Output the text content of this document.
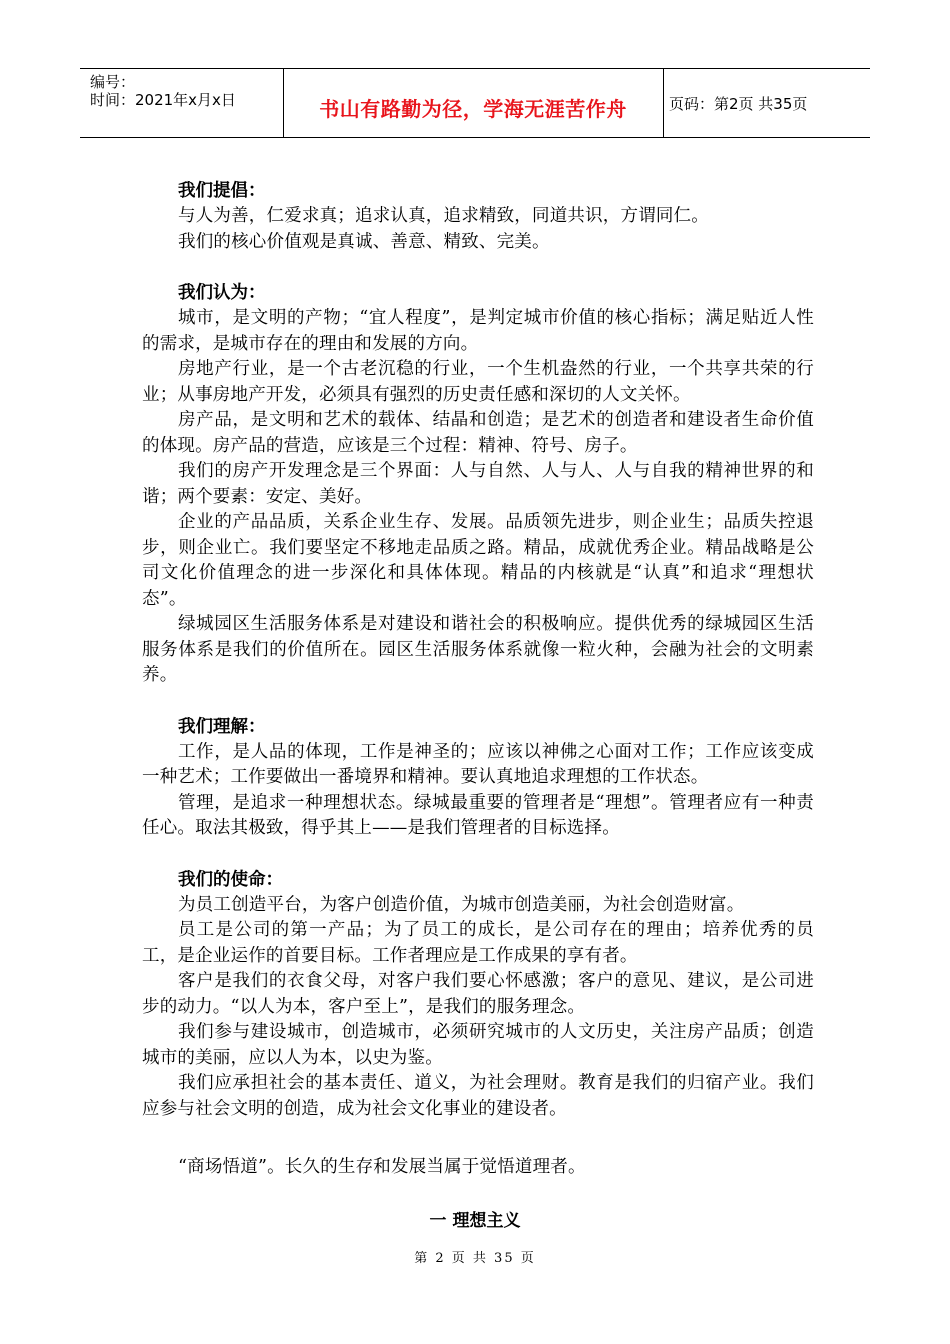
编号：
时间：2021年x月x日	书山有路勤为径，学海无涯苦作舟	页码：第2页 共35页
我们提倡：

与人为善，仁爱求真；追求认真，追求精致，同道共识，方谓同仁。

我们的核心价值观是真诚、善意、精致、完美。

我们认为：

城市，是文明的产物；“宜人程度”，是判定城市价值的核心指标；满足贴近人性的需求，是城市存在的理由和发展的方向。

房地产行业，是一个古老沉稳的行业，一个生机盎然的行业，一个共享共荣的行业；从事房地产开发，必须具有强烈的历史责任感和深切的人文关怀。

房产品，是文明和艺术的载体、结晶和创造；是艺术的创造者和建设者生命价值的体现。房产品的营造，应该是三个过程：精神、符号、房子。

我们的房产开发理念是三个界面：人与自然、人与人、人与自我的精神世界的和谐；两个要素：安定、美好。

企业的产品品质，关系企业生存、发展。品质领先进步，则企业生；品质失控退步，则企业亡。我们要坚定不移地走品质之路。精品，成就优秀企业。精品战略是公司文化价值理念的进一步深化和具体体现。精品的内核就是“认真”和追求“理想状态”。

绿城园区生活服务体系是对建设和谐社会的积极响应。提供优秀的绿城园区生活服务体系是我们的价值所在。园区生活服务体系就像一粒火种，会融为社会的文明素养。

我们理解：

工作，是人品的体现，工作是神圣的；应该以神佛之心面对工作；工作应该变成一种艺术；工作要做出一番境界和精神。要认真地追求理想的工作状态。

管理，是追求一种理想状态。绿城最重要的管理者是“理想”。管理者应有一种责任心。取法其极致，得乎其上——是我们管理者的目标选择。

我们的使命：

为员工创造平台，为客户创造价值，为城市创造美丽，为社会创造财富。

员工是公司的第一产品；为了员工的成长，是公司存在的理由；培养优秀的员工，是企业运作的首要目标。工作者理应是工作成果的享有者。

客户是我们的衣食父母，对客户我们要心怀感激；客户的意见、建议，是公司进步的动力。“以人为本，客户至上”，是我们的服务理念。

我们参与建设城市，创造城市，必须研究城市的人文历史，关注房产品质；创造城市的美丽，应以人为本，以史为鉴。

我们应承担社会的基本责任、道义，为社会理财。教育是我们的归宿产业。我们应参与社会文明的创造，成为社会文化事业的建设者。

“商场悟道”。长久的生存和发展当属于觉悟道理者。

一 理想主义
第 2 页 共 35 页
